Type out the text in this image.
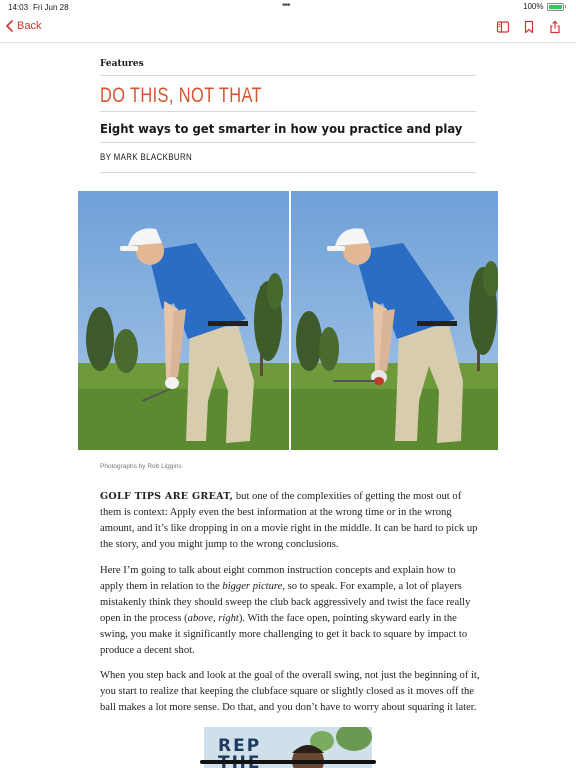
14:03 Fri Jun 28	•••	100%
Back
Features
DO THIS, NOT THAT
Eight ways to get smarter in how you practice and play
BY MARK BLACKBURN
Photographs by Rob Liggins
GOLF TIPS ARE GREAT, but one of the complexities of getting the most out of them is context: Apply even the best information at the wrong time or in the wrong amount, and it’s like dropping in on a movie right in the middle. It can be hard to pick up the story, and you might jump to the wrong conclusions.
Here I’m going to talk about eight common instruction concepts and explain how to apply them in relation to the bigger picture, so to speak. For example, a lot of players mistakenly think they should sweep the club back aggressively and twist the face really open in the process (above, right). With the face open, pointing skyward early in the swing, you make it significantly more challenging to get it back to square by impact to produce a decent shot.
When you step back and look at the goal of the overall swing, not just the beginning of it, you start to realize that keeping the clubface square or slightly closed as it moves off the ball makes a lot more sense. Do that, and you don’t have to worry about squaring it later.
REP
